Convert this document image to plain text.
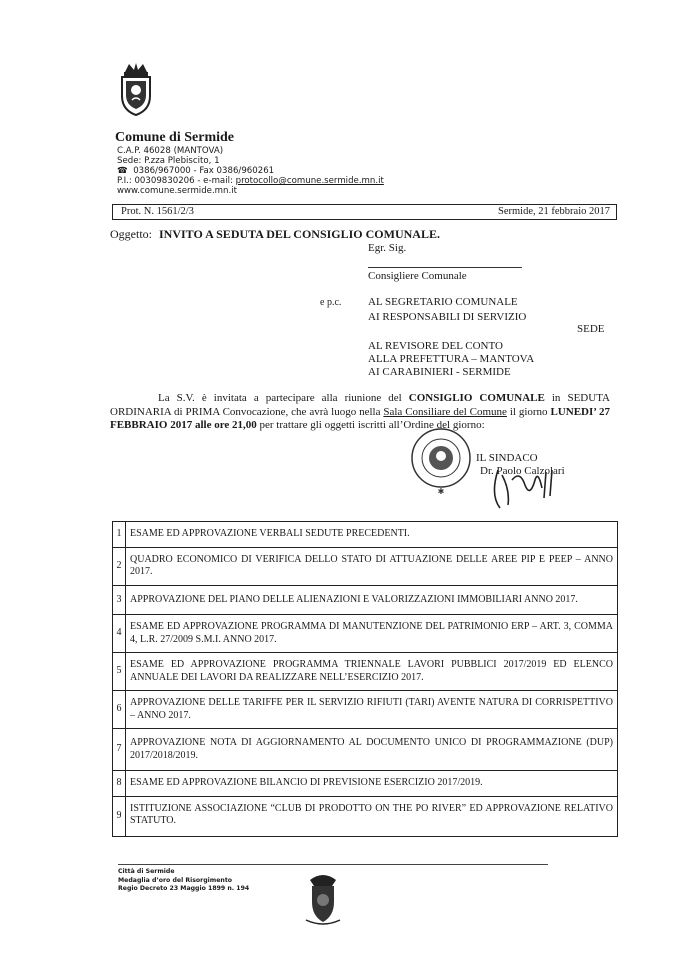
Comune di Sermide
C.A.P. 46028 (MANTOVA)
Sede: P.zza Plebiscito, 1
☎ 0386/967000 - Fax 0386/960261
P.I.: 00309830206 - e-mail: protocollo@comune.sermide.mn.it
www.comune.sermide.mn.it
Prot. N. 1561/2/3	Sermide, 21 febbraio 2017
Oggetto: INVITO A SEDUTA DEL CONSIGLIO COMUNALE.
Egr. Sig.
Consigliere Comunale
e p.c. AL SEGRETARIO COMUNALE
AI RESPONSABILI DI SERVIZIO
SEDE
AL REVISORE DEL CONTO
ALLA PREFETTURA – MANTOVA
AI CARABINIERI - SERMIDE

La S.V. è invitata a partecipare alla riunione del CONSIGLIO COMUNALE in SEDUTA ORDINARIA di PRIMA Convocazione, che avrà luogo nella Sala Consiliare del Comune il giorno LUNEDI’ 27 FEBBRAIO 2017 alle ore 21,00 per trattare gli oggetti iscritti all’Ordine del giorno:

✱
IL SINDACO
Dr. Paolo Calzolari
1	ESAME ED APPROVAZIONE VERBALI SEDUTE PRECEDENTI.
2	QUADRO ECONOMICO DI VERIFICA DELLO STATO DI ATTUAZIONE DELLE AREE PIP E PEEP – ANNO 2017.
3	APPROVAZIONE DEL PIANO DELLE ALIENAZIONI E VALORIZZAZIONI IMMOBILIARI ANNO 2017.
4	ESAME ED APPROVAZIONE PROGRAMMA DI MANUTENZIONE DEL PATRIMONIO ERP – ART. 3, COMMA 4, L.R. 27/2009 S.M.I. ANNO 2017.
5	ESAME ED APPROVAZIONE PROGRAMMA TRIENNALE LAVORI PUBBLICI 2017/2019 ED ELENCO ANNUALE DEI LAVORI DA REALIZZARE NELL’ESERCIZIO 2017.
6	APPROVAZIONE DELLE TARIFFE PER IL SERVIZIO RIFIUTI (TARI) AVENTE NATURA DI CORRISPETTIVO – ANNO 2017.
7	APPROVAZIONE NOTA DI AGGIORNAMENTO AL DOCUMENTO UNICO DI PROGRAMMAZIONE (DUP) 2017/2018/2019.
8	ESAME ED APPROVAZIONE BILANCIO DI PREVISIONE ESERCIZIO 2017/2019.
9	ISTITUZIONE ASSOCIAZIONE “CLUB DI PRODOTTO ON THE PO RIVER” ED APPROVAZIONE RELATIVO STATUTO.
Città di Sermide
Medaglia d’oro del Risorgimento
Regio Decreto 23 Maggio 1899 n. 194
